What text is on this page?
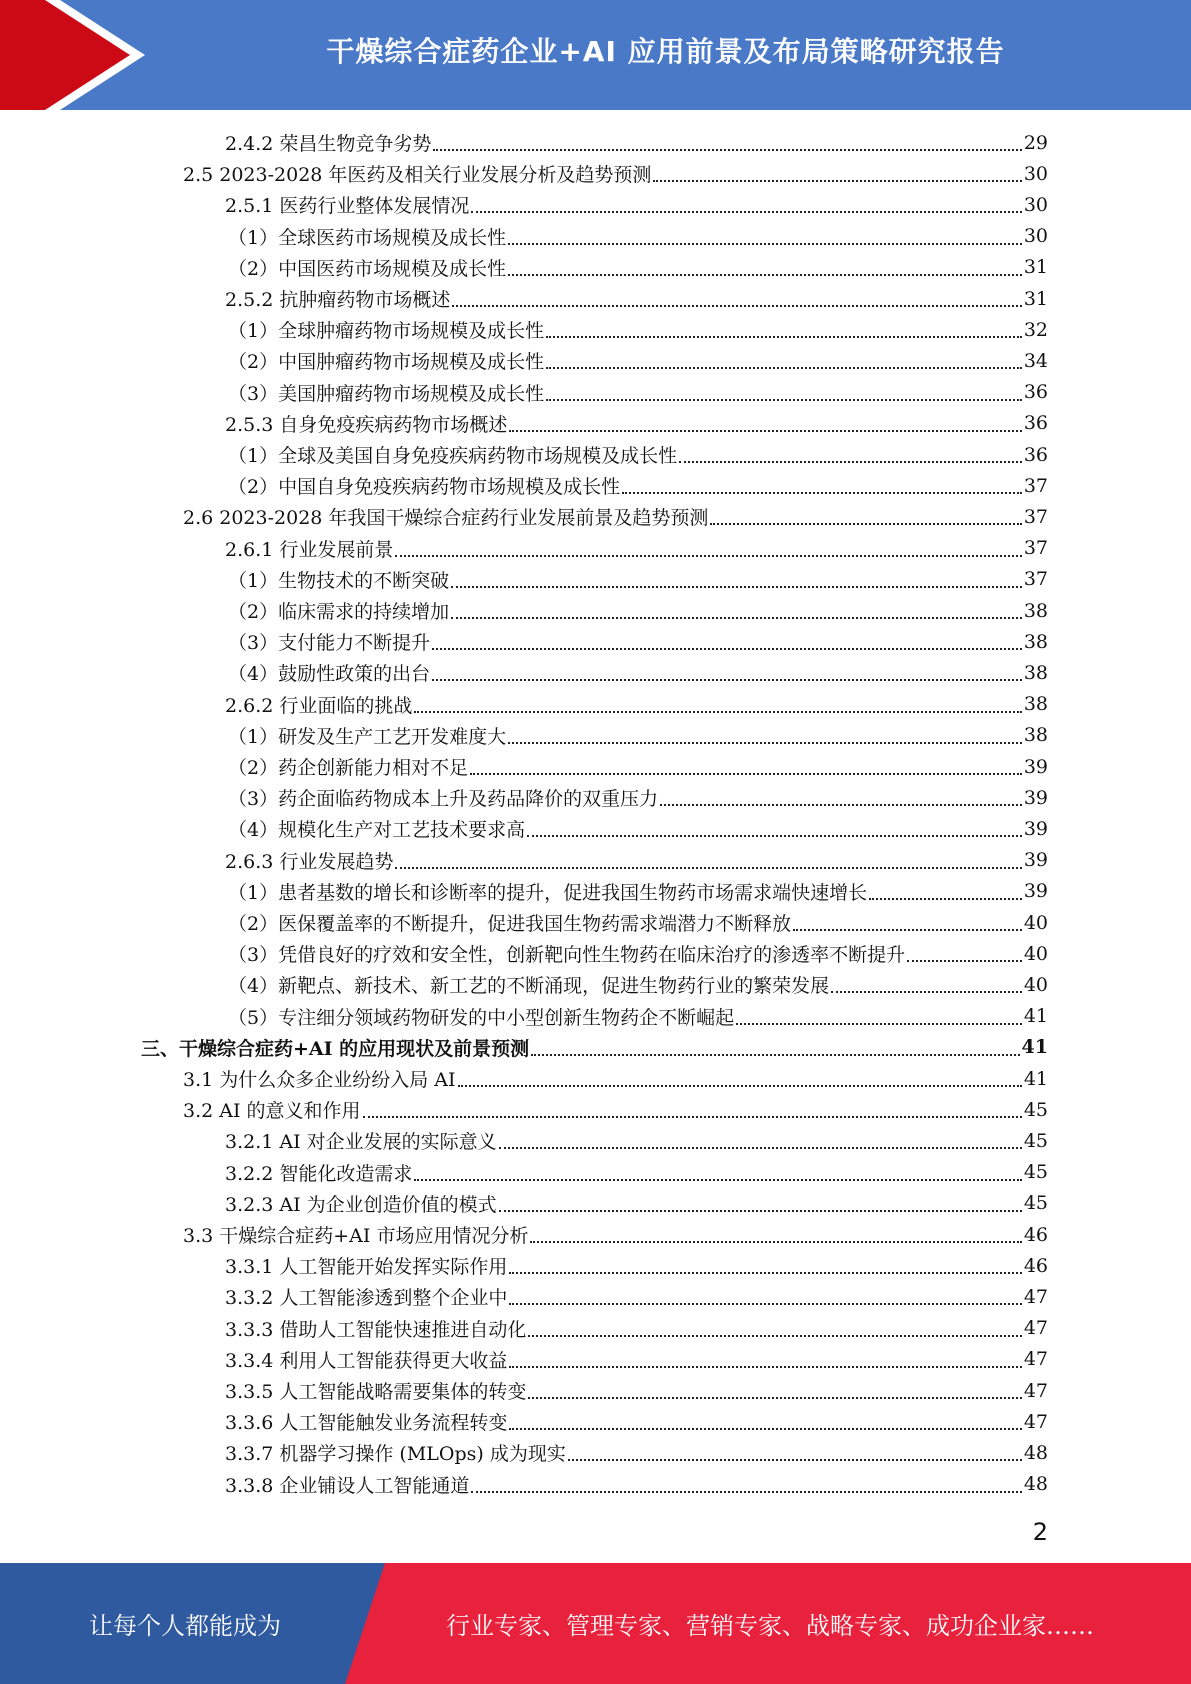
干燥综合症药企业+AI 应用前景及布局策略研究报告
2.4.2 荣昌生物竞争劣势	29
2.5 2023-2028 年医药及相关行业发展分析及趋势预测	30
2.5.1 医药行业整体发展情况	30
（1）全球医药市场规模及成长性	30
（2）中国医药市场规模及成长性	31
2.5.2 抗肿瘤药物市场概述	31
（1）全球肿瘤药物市场规模及成长性	32
（2）中国肿瘤药物市场规模及成长性	34
（3）美国肿瘤药物市场规模及成长性	36
2.5.3 自身免疫疾病药物市场概述	36
（1）全球及美国自身免疫疾病药物市场规模及成长性	36
（2）中国自身免疫疾病药物市场规模及成长性	37
2.6 2023-2028 年我国干燥综合症药行业发展前景及趋势预测	37
2.6.1 行业发展前景	37
（1）生物技术的不断突破	37
（2）临床需求的持续增加	38
（3）支付能力不断提升	38
（4）鼓励性政策的出台	38
2.6.2 行业面临的挑战	38
（1）研发及生产工艺开发难度大	38
（2）药企创新能力相对不足	39
（3）药企面临药物成本上升及药品降价的双重压力	39
（4）规模化生产对工艺技术要求高	39
2.6.3 行业发展趋势	39
（1）患者基数的增长和诊断率的提升，促进我国生物药市场需求端快速增长	39
（2）医保覆盖率的不断提升，促进我国生物药需求端潜力不断释放	40
（3）凭借良好的疗效和安全性，创新靶向性生物药在临床治疗的渗透率不断提升	40
（4）新靶点、新技术、新工艺的不断涌现，促进生物药行业的繁荣发展	40
（5）专注细分领域药物研发的中小型创新生物药企不断崛起	41
三、干燥综合症药+AI 的应用现状及前景预测	41
3.1 为什么众多企业纷纷入局 AI	41
3.2 AI 的意义和作用	45
3.2.1 AI 对企业发展的实际意义	45
3.2.2 智能化改造需求	45
3.2.3 AI 为企业创造价值的模式	45
3.3 干燥综合症药+AI 市场应用情况分析	46
3.3.1 人工智能开始发挥实际作用	46
3.3.2 人工智能渗透到整个企业中	47
3.3.3 借助人工智能快速推进自动化	47
3.3.4 利用人工智能获得更大收益	47
3.3.5 人工智能战略需要集体的转变	47
3.3.6 人工智能触发业务流程转变	47
3.3.7 机器学习操作 (MLOps) 成为现实	48
3.3.8 企业铺设人工智能通道	48
2
让每个人都能成为	行业专家、管理专家、营销专家、战略专家、成功企业家……
